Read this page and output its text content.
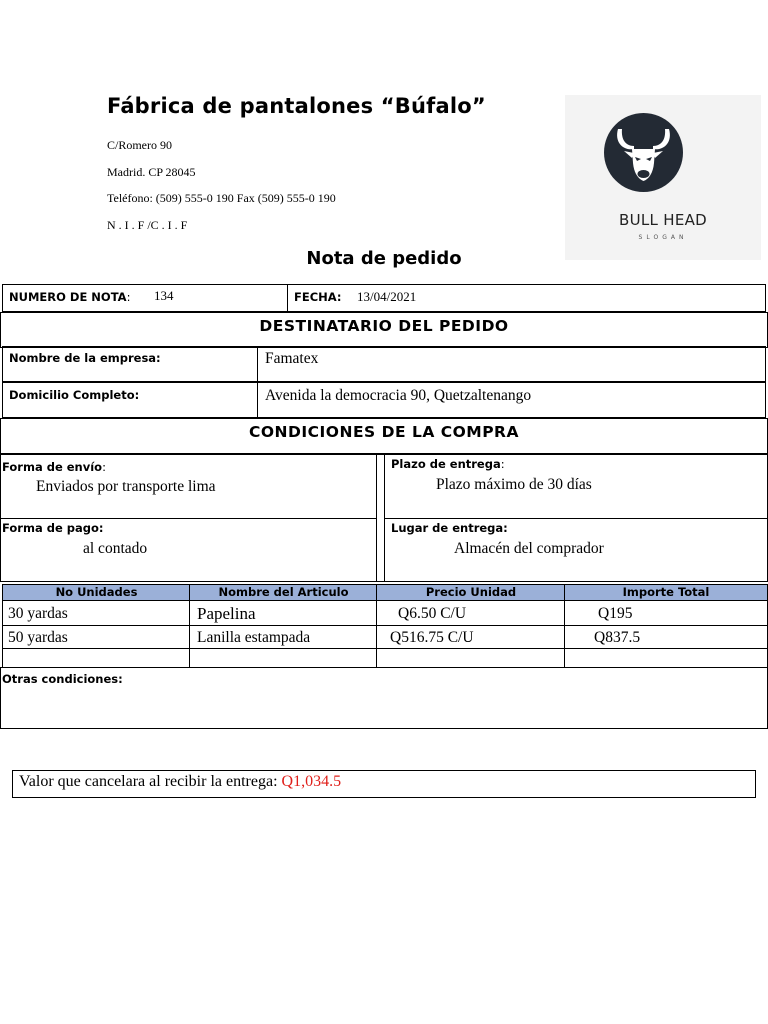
Fábrica de pantalones “Búfalo”
C/Romero 90
Madrid. CP 28045
Teléfono: (509) 555-0 190 Fax (509) 555-0 190
N . I . F /C . I . F	BULL HEAD
SLOGAN
Nota de pedido
NUMERO DE NOTA: 134	FECHA: 13/04/2021
DESTINATARIO DEL PEDIDO
Nombre de la empresa:	Famatex
Domicilio Completo:	Avenida la democracia 90, Quetzaltenango
CONDICIONES DE LA COMPRA
Forma de envío:
Enviados por transporte lima
Plazo de entrega:
Plazo máximo de 30 días
Forma de pago:
al contado
Lugar de entrega:
Almacén del comprador
No Unidades	Nombre del Articulo	Precio Unidad	Importe Total
30 yardas	Papelina	Q6.50 C/U	Q195
50 yardas	Lanilla estampada	Q516.75 C/U	Q837.5
Otras condiciones:
Valor que cancelara al recibir la entrega: Q1,034.5
